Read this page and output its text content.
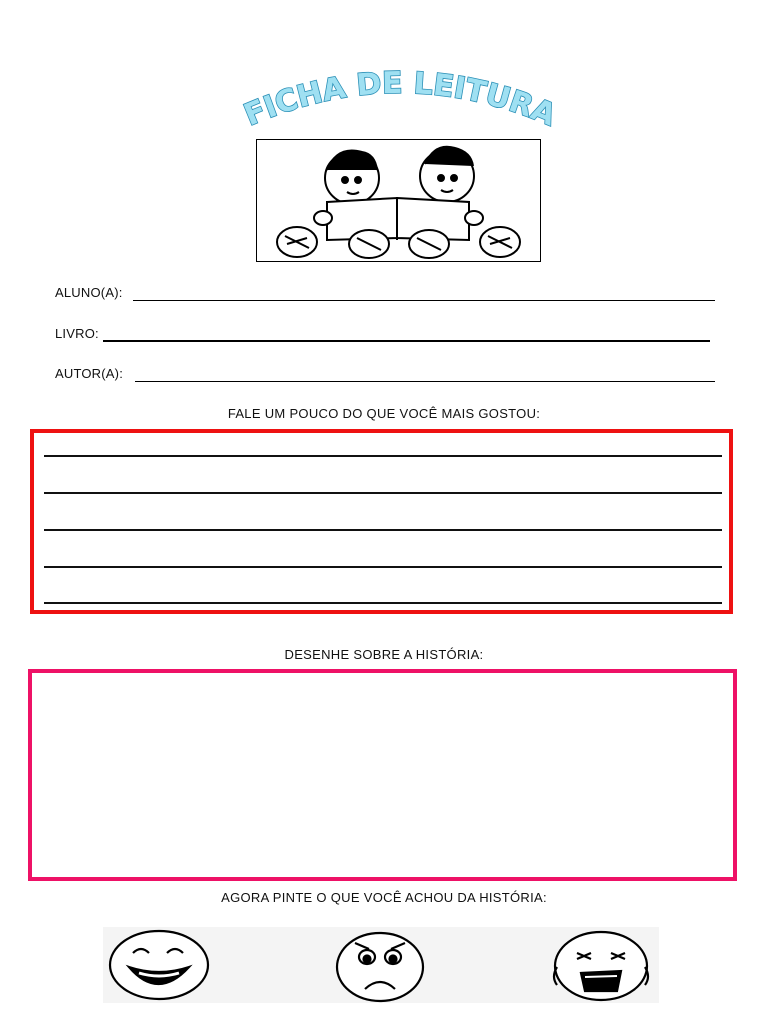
FICHA DE LEITURA
ALUNO(A):
LIVRO:
AUTOR(A):
FALE UM POUCO DO QUE VOCÊ MAIS GOSTOU:
DESENHE SOBRE A HISTÓRIA:
AGORA PINTE O QUE VOCÊ ACHOU DA HISTÓRIA:
